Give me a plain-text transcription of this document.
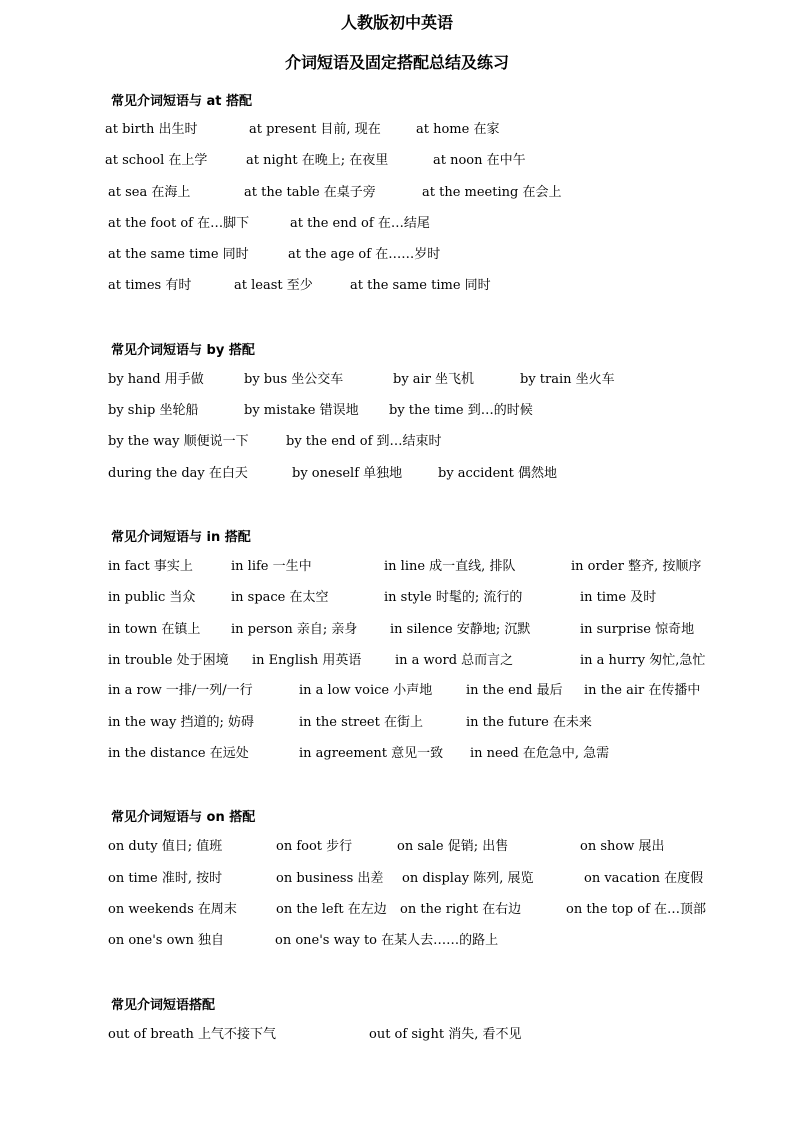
人教版初中英语
介词短语及固定搭配总结及练习
常见介词短语与 at 搭配
at birth 出生时	at present 目前, 现在	at home 在家
at school 在上学	at night 在晚上; 在夜里	at noon 在中午
at sea 在海上	at the table 在桌子旁	at the meeting 在会上
at the foot of 在…脚下	at the end of 在…结尾
at the same time 同时	at the age of 在……岁时
at times 有时	at least 至少	at the same time 同时
常见介词短语与 by 搭配
by hand 用手做	by bus 坐公交车	by air 坐飞机	by train 坐火车
by ship 坐轮船	by mistake 错误地 by the time 到…的时候
by the way 顺便说一下	by the end of 到…结束时
during the day 在白天	by oneself 单独地	by accident 偶然地
常见介词短语与 in 搭配
in fact 事实上	in life 一生中	in line 成一直线, 排队	in order 整齐, 按顺序
in public 当众	in space 在太空	in style 时髦的; 流行的	in time 及时
in town 在镇上 in person 亲自; 亲身	in silence 安静地; 沉默	in surprise 惊奇地
in trouble 处于困境 in English 用英语	in a word 总而言之	in a hurry 匆忙,急忙
in a row 一排/一列/一行	in a low voice 小声地	in the end 最后 in the air 在传播中
in the way 挡道的; 妨碍	in the street 在街上	in the future 在未来
in the distance 在远处	in agreement 意见一致 in need 在危急中, 急需
常见介词短语与 on 搭配
on duty 值日; 值班	on foot 步行	on sale 促销; 出售	on show 展出
on time 准时, 按时	on business 出差 on display 陈列, 展览	on vacation 在度假
on weekends 在周末	on the left 在左边 on the right 在右边	on the top of 在…顶部
on one's own 独自	on one's way to 在某人去……的路上
常见介词短语搭配
out of breath 上气不接下气	out of sight 消失, 看不见
